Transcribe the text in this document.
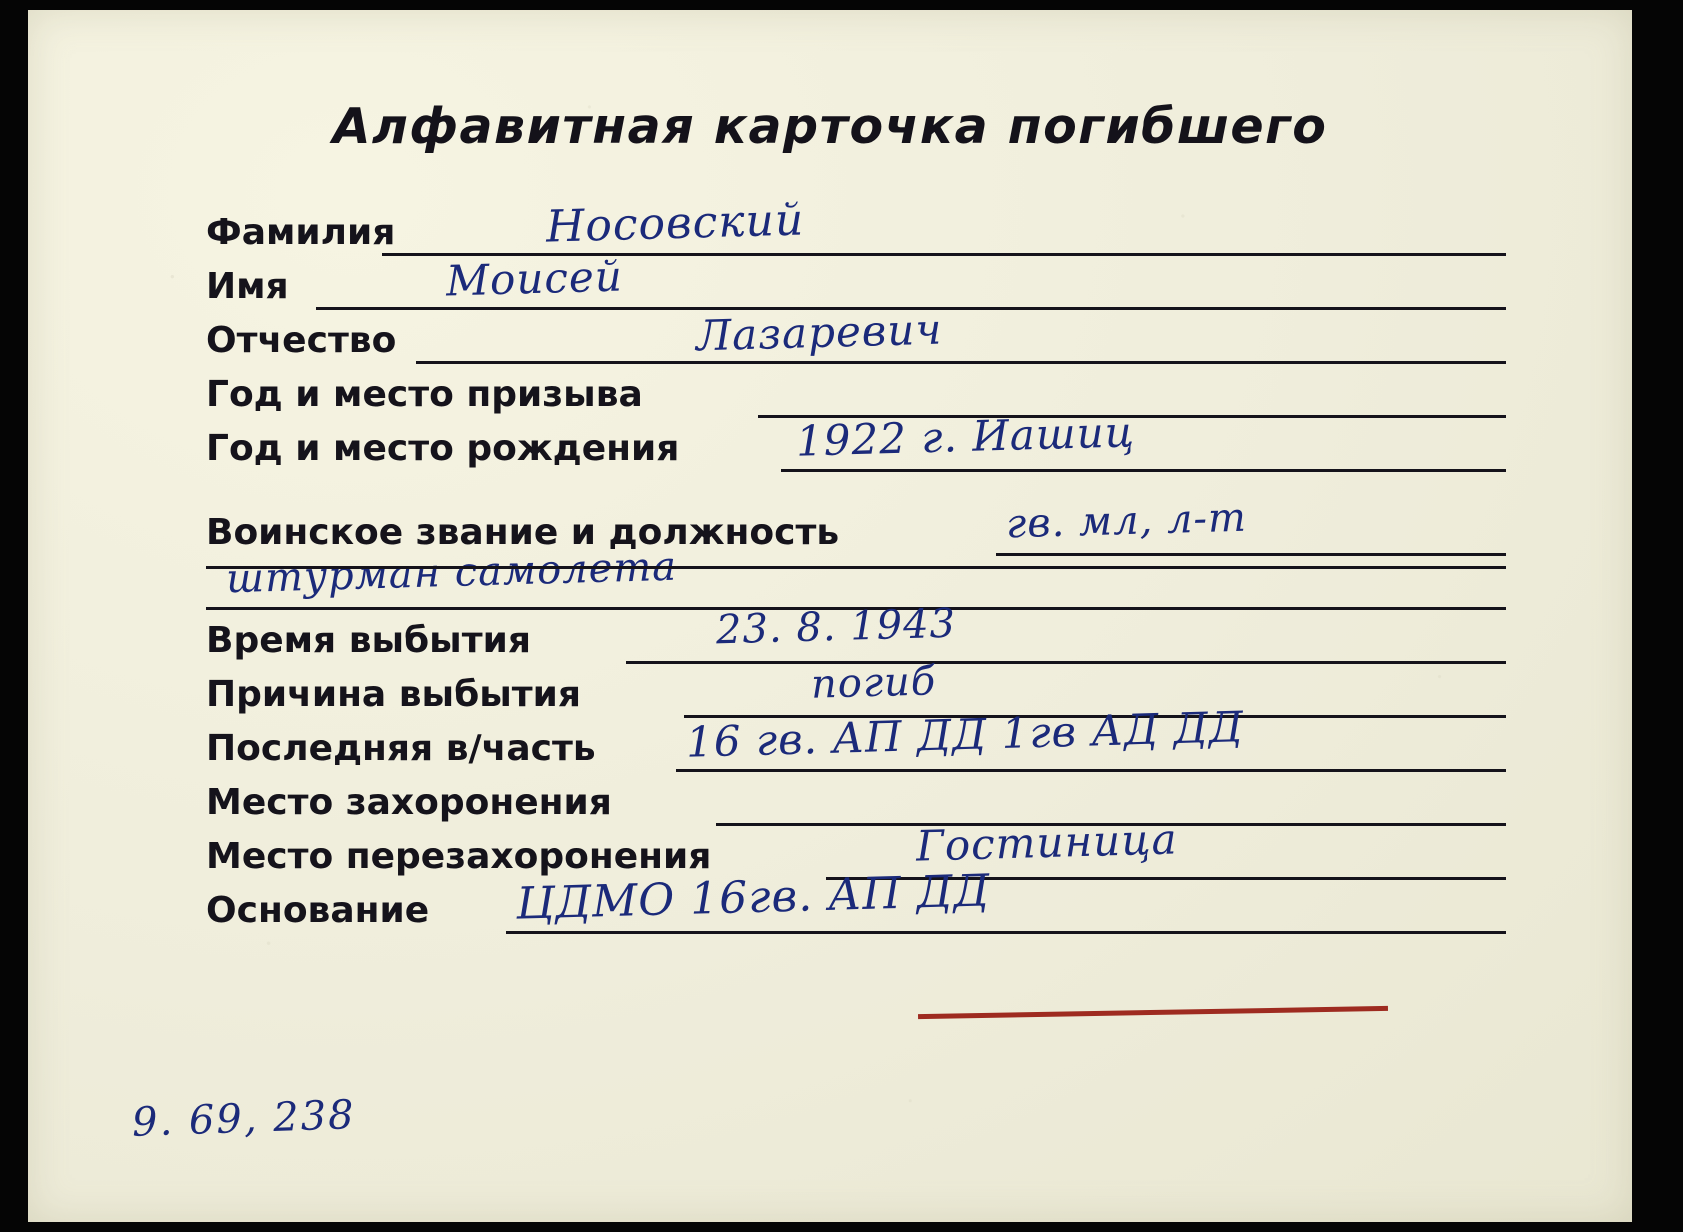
Алфавитная карточка погибшего
Фамилия	Носовский
Имя	Моисей
Отчество	Лазаревич
Год и место призыва
Год и место рождения	1922 г. Иашиц
Воинское звание и должность	гв. мл, л-т
штурман самолета
Время выбытия	23. 8. 1943
Причина выбытия	погиб
Последняя в/часть 16 гв. АП ДД 1гв АД ДД
Место захоронения
Место перезахоронения	Гостиница
Основание ЦДМО 16гв. АП ДД
9. 69, 238
